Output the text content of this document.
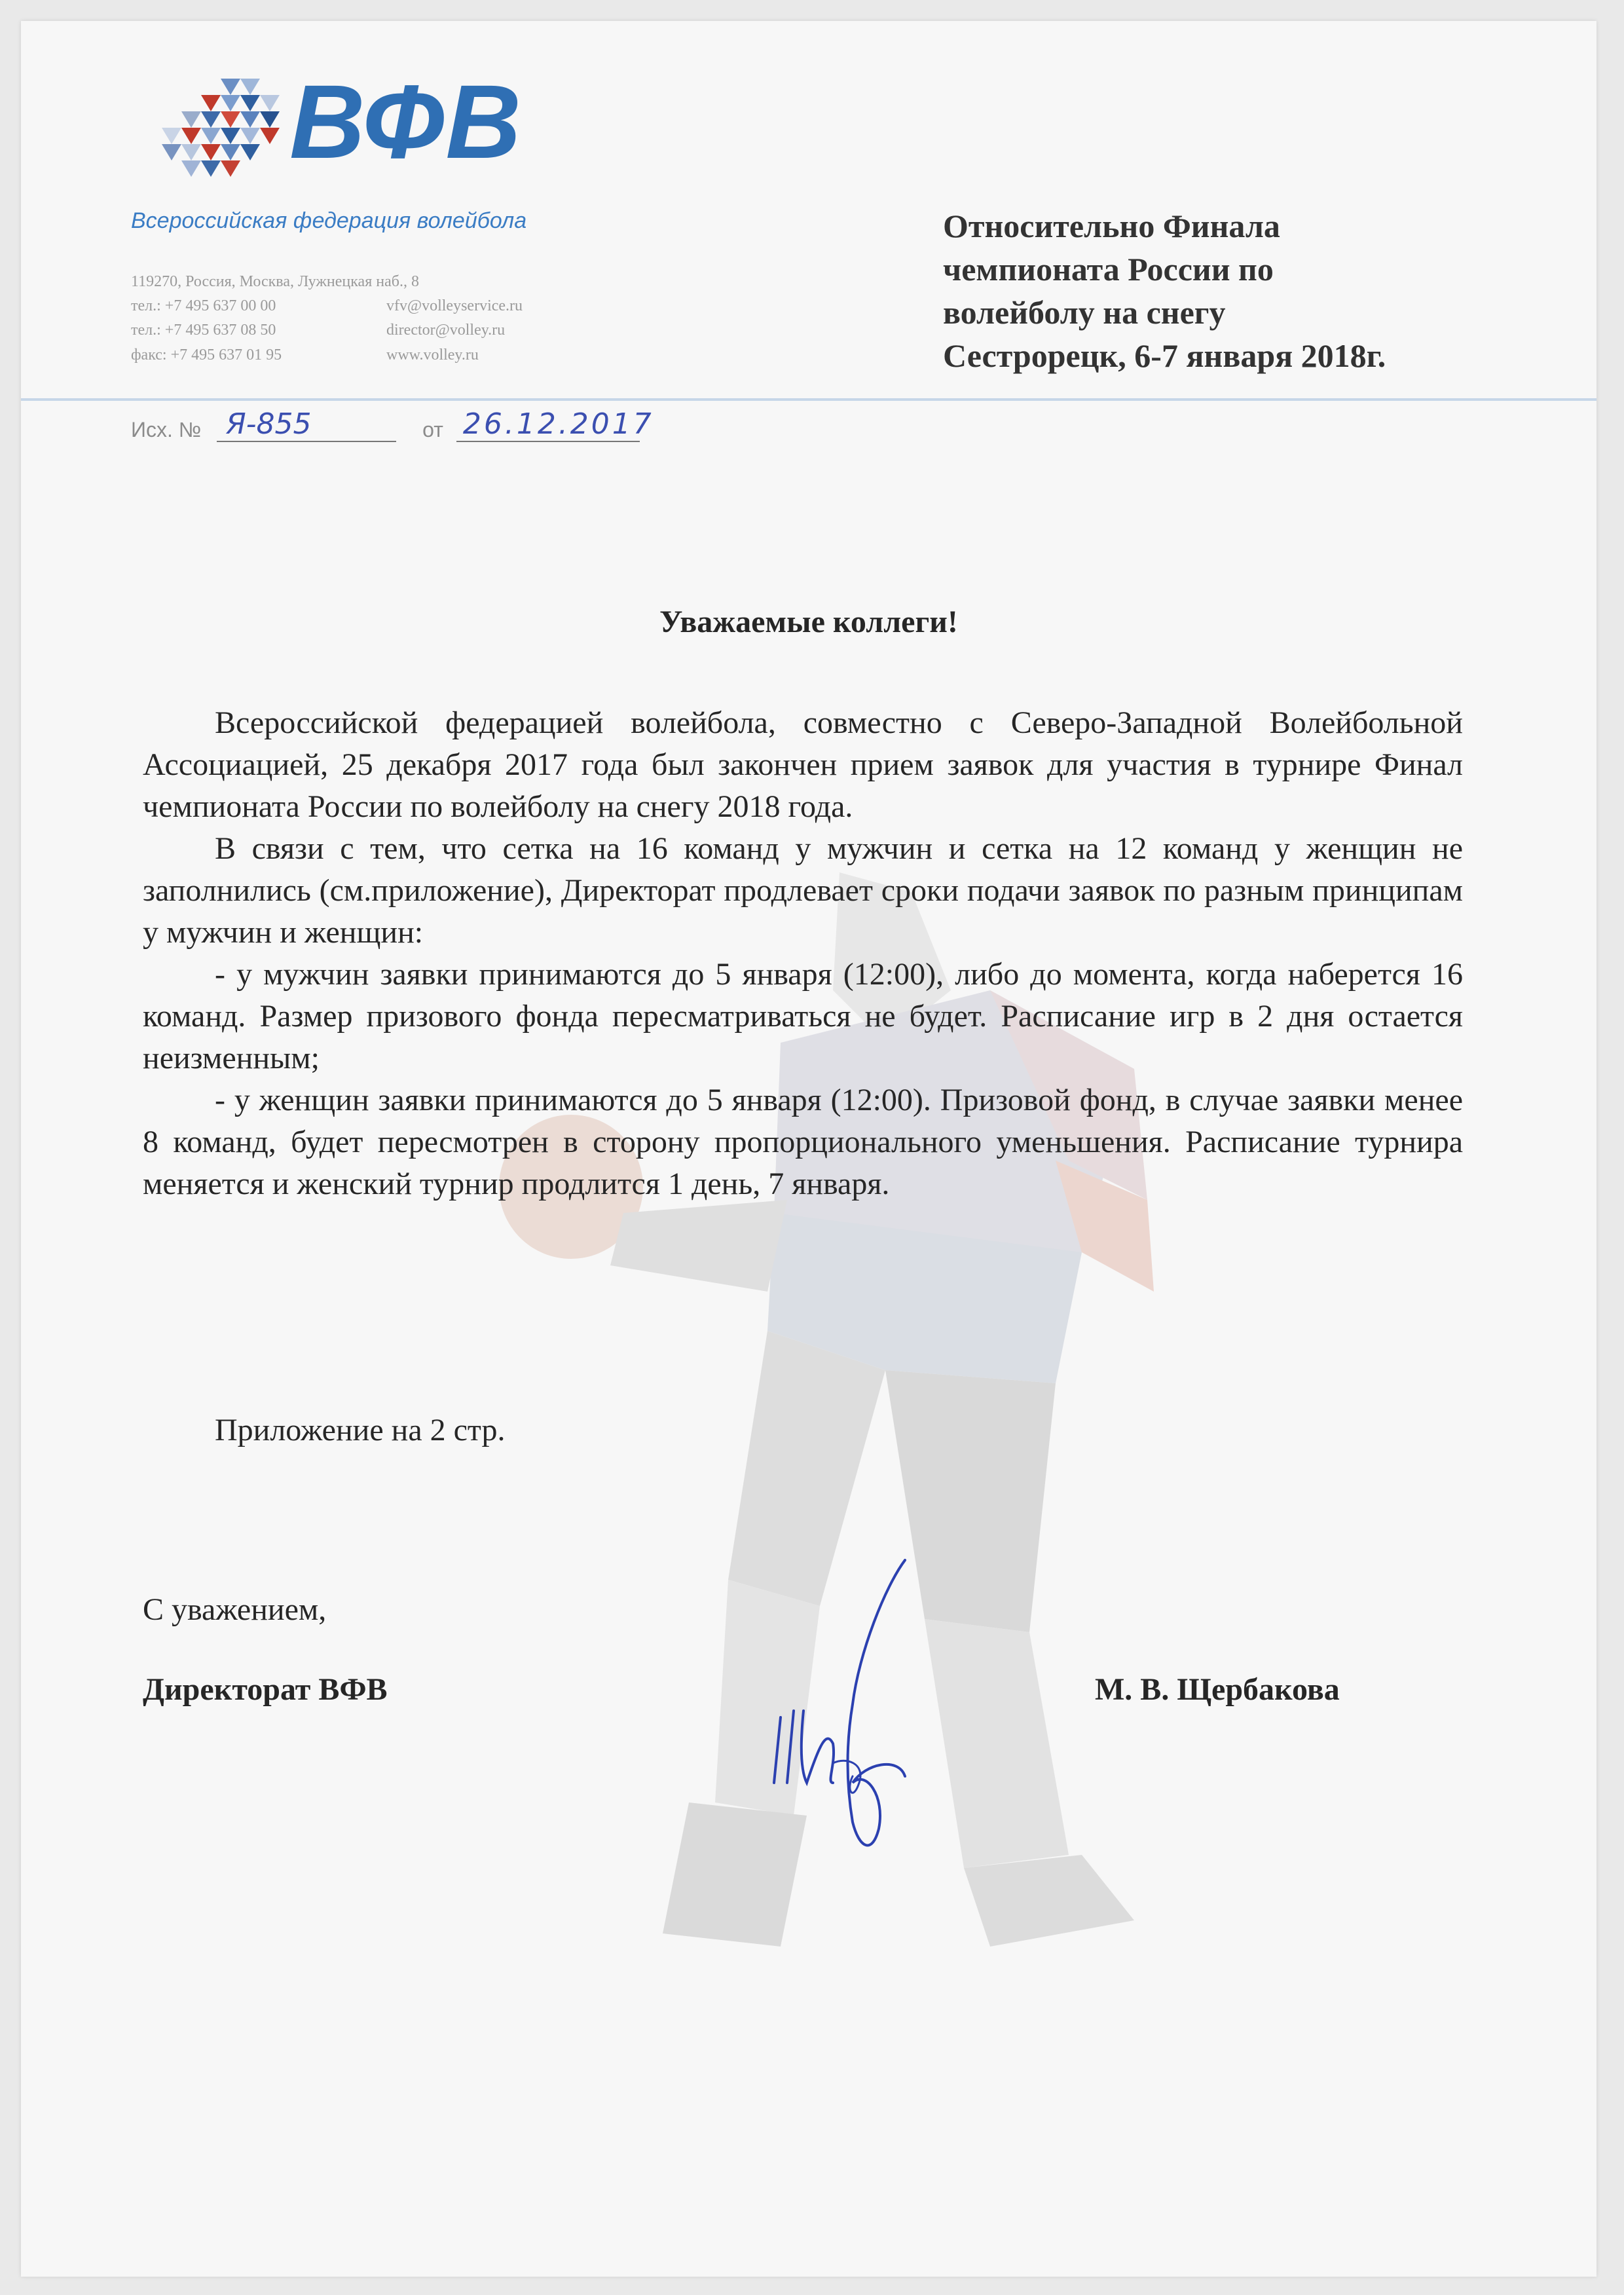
ВФВ
Всероссийская федерация волейбола
119270, Россия, Москва, Лужнецкая наб., 8
тел.: +7 495 637 00 00	vfv@volleyservice.ru
тел.: +7 495 637 08 50	director@volley.ru
факс: +7 495 637 01 95	www.volley.ru
Исх. № Я-855	от 26.12.2017
Относительно Финала
чемпионата России по
волейболу на снегу
Сестрорецк, 6-7 января 2018г.
Уважаемые коллеги!

Всероссийской федерацией волейбола, совместно с Северо-Западной Волейбольной Ассоциацией, 25 декабря 2017 года был закончен прием заявок для участия в турнире Финал чемпионата России по волейболу на снегу 2018 года.

В связи с тем, что сетка на 16 команд у мужчин и сетка на 12 команд у женщин не заполнились (см.приложение), Директорат продлевает сроки подачи заявок по разным принципам у мужчин и женщин:

- у мужчин заявки принимаются до 5 января (12:00), либо до момента, когда наберется 16 команд. Размер призового фонда пересматриваться не будет. Расписание игр в 2 дня остается неизменным;

- у женщин заявки принимаются до 5 января (12:00). Призовой фонд, в случае заявки менее 8 команд, будет пересмотрен в сторону пропорционального уменьшения. Расписание турнира меняется и женский турнир продлится 1 день, 7 января.

Приложение на 2 стр.
С уважением,
Директорат ВФВ	М. В. Щербакова
